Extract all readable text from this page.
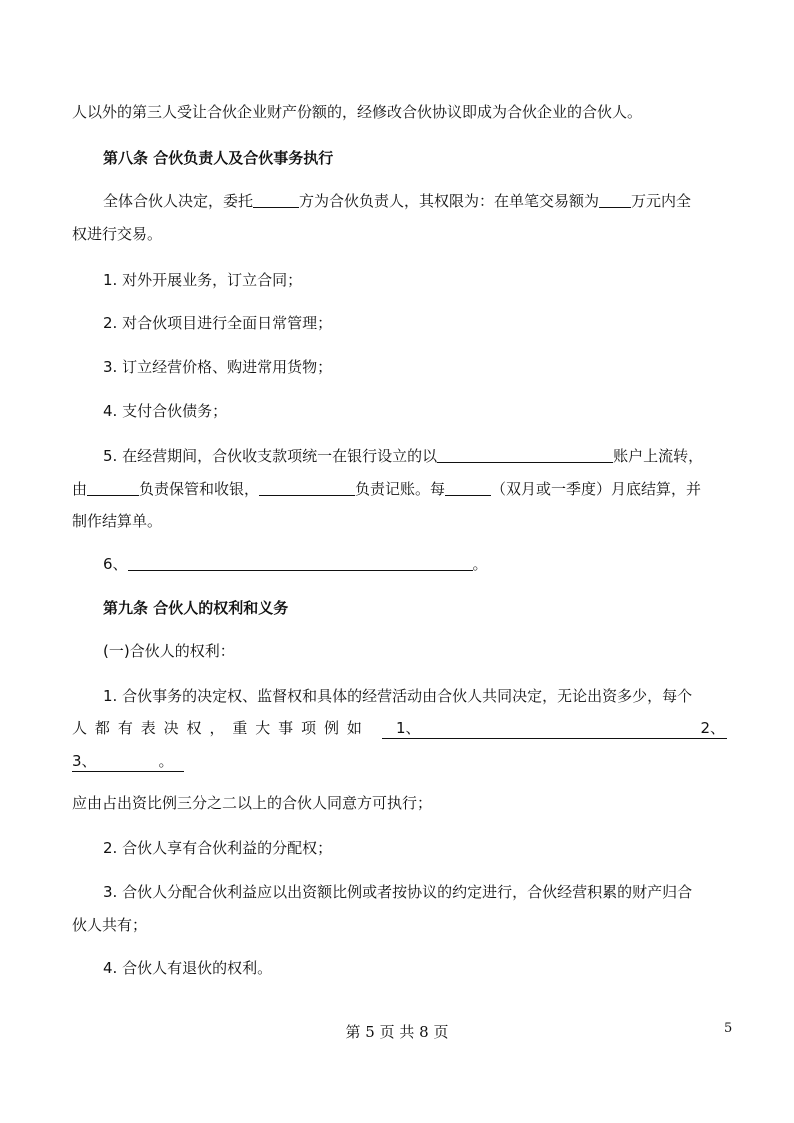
人以外的第三人受让合伙企业财产份额的，经修改合伙协议即成为合伙企业的合伙人。
第八条 合伙负责人及合伙事务执行
全体合伙人决定，委托	方为合伙负责人，其权限为：在单笔交易额为 万元内全
权进行交易。
1. 对外开展业务，订立合同；
2. 对合伙项目进行全面日常管理；
3. 订立经营价格、购进常用货物；
4. 支付合伙债务；
5. 在经营期间，合伙收支款项统一在银行设立的以	账户上流转，
由	负责保管和收银，	负责记账。每	（双月或一季度）月底结算，并
制作结算单。
6、	。
第九条 合伙人的权利和义务
(一)合伙人的权利：
1. 合伙事务的决定权、监督权和具体的经营活动由合伙人共同决定，无论出资多少，每个
人 都 有 表 决 权 ， 重 大 事 项 例 如 1、	2、
3、	。
应由占出资比例三分之二以上的合伙人同意方可执行；
2. 合伙人享有合伙利益的分配权；
3. 合伙人分配合伙利益应以出资额比例或者按协议的约定进行，合伙经营积累的财产归合
伙人共有；
4. 合伙人有退伙的权利。
第 5 页 共 8 页	5
